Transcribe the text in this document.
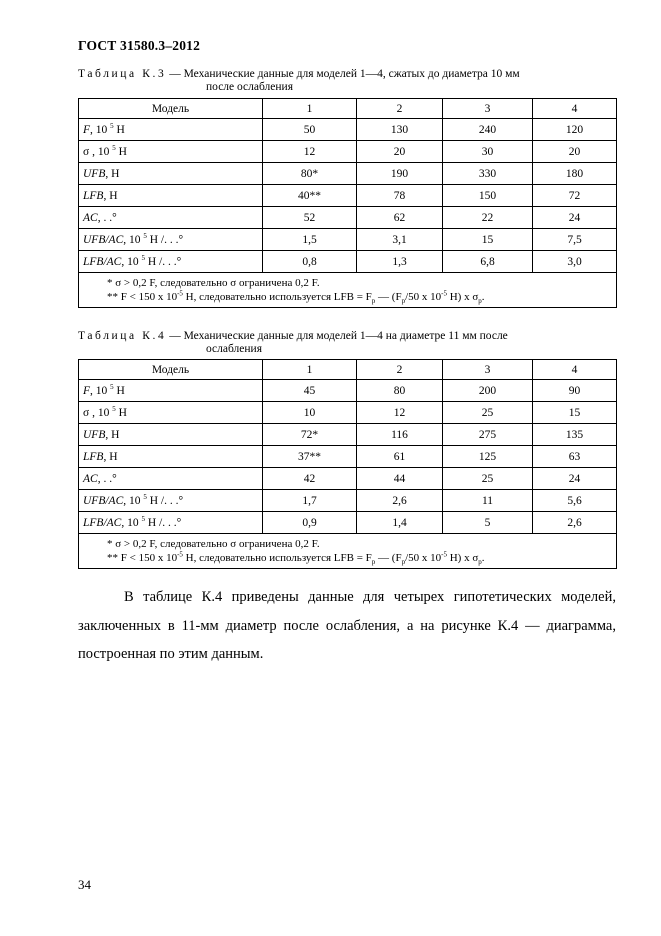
ГОСТ 31580.3–2012
Таблица К.3 — Механические данные для моделей 1—4, сжатых до диаметра 10 мм
после ослабления
Модель	1	2	3	4
F, 10 $^5$ Н	50	130	240	120
σ , 10 $^5$ Н	12	20	30	20
UFB, Н	80*	190	330	180
LFB, Н	40**	78	150	72
AC, . .°	52	62	22	24
UFB/AC, 10 $^5$ Н /. . .°	1,5	3,1	15	7,5
LFB/AC, 10 $^5$ Н /. . .°	0,8	1,3	6,8	3,0

* σ > 0,2 F, следовательно σ ограничена 0,2 F.
** F < 150 x $10^{-5}$ Н, следовательно используется LFB = $F_p$ — ($F_p/50$ x $10^{-5}$ Н) x $\sigma_p$.				
Таблица К.4 — Механические данные для моделей 1—4 на диаметре 11 мм после
ослабления
Модель	1	2	3	4
F, 10 $^5$ Н	45	80	200	90
σ , 10 $^5$ Н	10	12	25	15
UFB, Н	72*	116	275	135
LFB, Н	37**	61	125	63
AC, . .°	42	44	25	24
UFB/AC, 10 $^5$ Н /. . .°	1,7	2,6	11	5,6
LFB/AC, 10 $^5$ Н /. . .°	0,9	1,4	5	2,6

* σ > 0,2 F, следовательно σ ограничена 0,2 F.
** F < 150 x $10^{-5}$ Н, следовательно используется LFB = $F_p$ — ($F_p/50$ x $10^{-5}$ Н) x $\sigma_p$.				
В таблице К.4 приведены данные для четырех гипотетических моделей, заключенных в 11-мм диаметр после ослабления, а на рисунке К.4 — диаграмма, построенная по этим данным.
34
